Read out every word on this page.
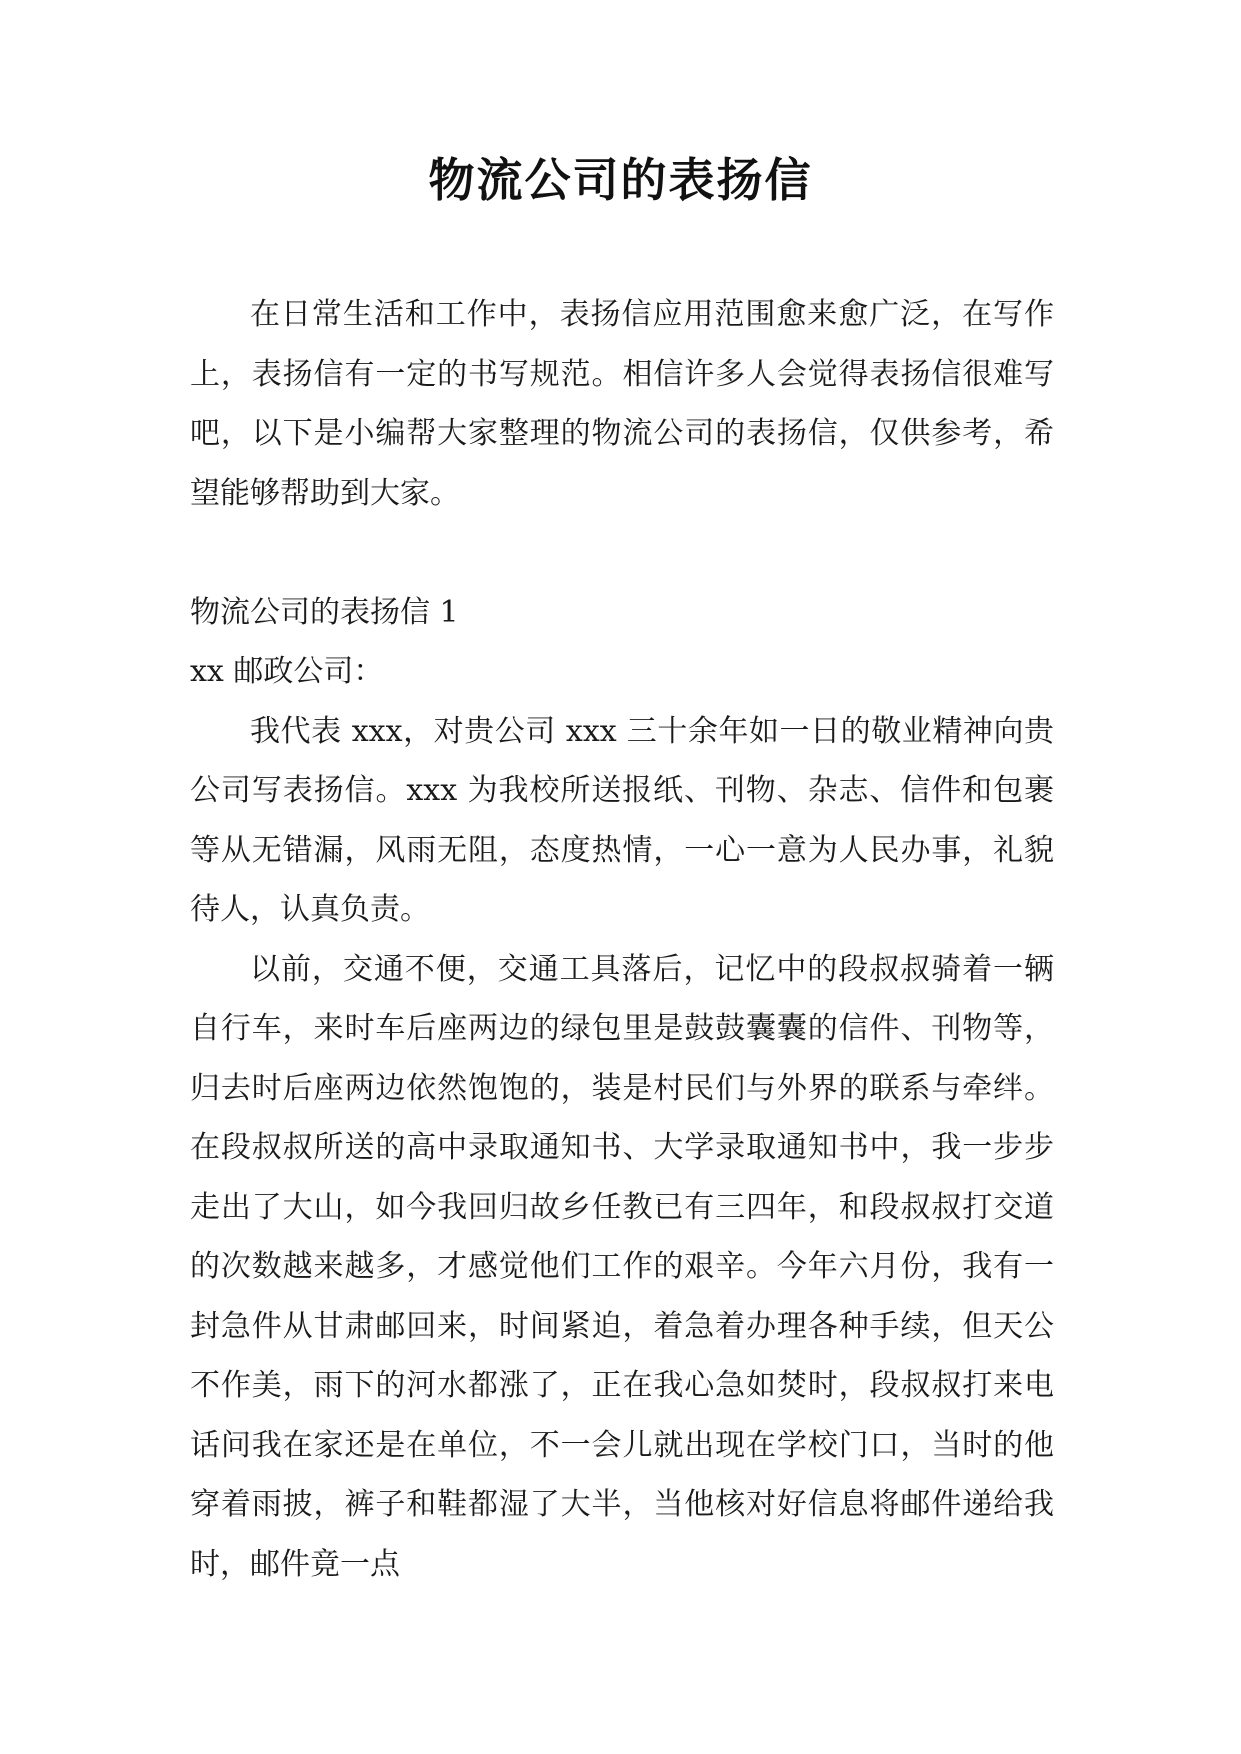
物流公司的表扬信

在日常生活和工作中，表扬信应用范围愈来愈广泛，在写作上，表扬信有一定的书写规范。相信许多人会觉得表扬信很难写吧，以下是小编帮大家整理的物流公司的表扬信，仅供参考，希望能够帮助到大家。

物流公司的表扬信 1

xx 邮政公司：

我代表 xxx，对贵公司 xxx 三十余年如一日的敬业精神向贵公司写表扬信。xxx 为我校所送报纸、刊物、杂志、信件和包裹等从无错漏，风雨无阻，态度热情，一心一意为人民办事，礼貌待人，认真负责。

以前，交通不便，交通工具落后，记忆中的段叔叔骑着一辆自行车，来时车后座两边的绿包里是鼓鼓囊囊的信件、刊物等，归去时后座两边依然饱饱的，装是村民们与外界的联系与牵绊。在段叔叔所送的高中录取通知书、大学录取通知书中，我一步步走出了大山，如今我回归故乡任教已有三四年，和段叔叔打交道的次数越来越多，才感觉他们工作的艰辛。今年六月份，我有一封急件从甘肃邮回来，时间紧迫，着急着办理各种手续，但天公不作美，雨下的河水都涨了，正在我心急如焚时，段叔叔打来电话问我在家还是在单位，不一会儿就出现在学校门口，当时的他穿着雨披，裤子和鞋都湿了大半，当他核对好信息将邮件递给我时，邮件竟一点
